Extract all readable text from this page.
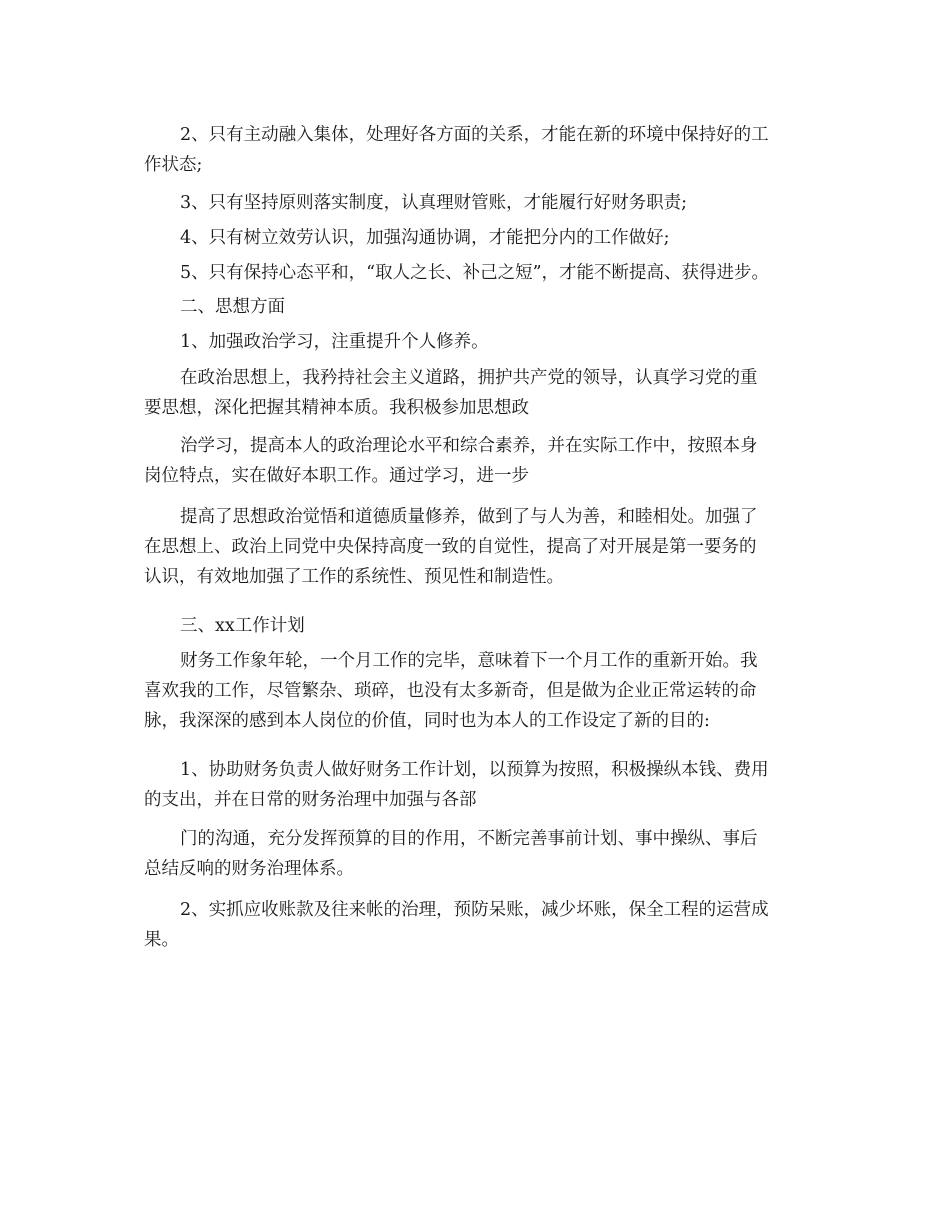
2、只有主动融入集体，处理好各方面的关系，才能在新的环境中保持好的工
作状态;

3、只有坚持原则落实制度，认真理财管账，才能履行好财务职责;

4、只有树立效劳认识，加强沟通协调，才能把分内的工作做好;

5、只有保持心态平和，“取人之长、补己之短”，才能不断提高、获得进步。

二、思想方面

1、加强政治学习，注重提升个人修养。

在政治思想上，我矜持社会主义道路，拥护共产党的领导，认真学习党的重
要思想，深化把握其精神本质。我积极参加思想政

治学习，提高本人的政治理论水平和综合素养，并在实际工作中，按照本身
岗位特点，实在做好本职工作。通过学习，进一步

提高了思想政治觉悟和道德质量修养，做到了与人为善，和睦相处。加强了
在思想上、政治上同党中央保持高度一致的自觉性，提高了对开展是第一要务的
认识，有效地加强了工作的系统性、预见性和制造性。

三、xx工作计划

财务工作象年轮，一个月工作的完毕，意味着下一个月工作的重新开始。我
喜欢我的工作，尽管繁杂、琐碎，也没有太多新奇，但是做为企业正常运转的命
脉，我深深的感到本人岗位的价值，同时也为本人的工作设定了新的目的:

1、协助财务负责人做好财务工作计划，以预算为按照，积极操纵本钱、费用
的支出，并在日常的财务治理中加强与各部

门的沟通，充分发挥预算的目的作用，不断完善事前计划、事中操纵、事后
总结反响的财务治理体系。

2、实抓应收账款及往来帐的治理，预防呆账，减少坏账，保全工程的运营成
果。
